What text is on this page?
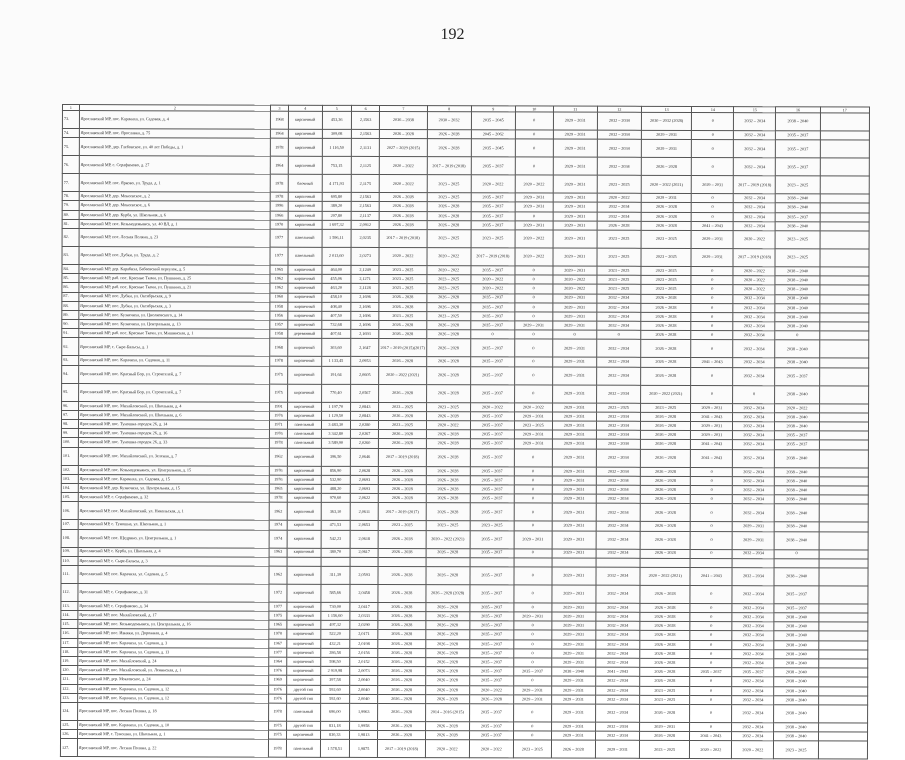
192
1	2	3	4	5	6	7	8	9	10	11	12	13	14	15	16	17
73.	Ярославский МР, пос. Карачиха, ул. Садовая, д. 4	1968	кирпичный	453,36	2,1563	2036 – 2038	2030 – 2032	2035 – 2045	0	2029 – 2031	2032 – 2034	2030 – 2032 (2028)	0	2032 – 2034	2038 – 2040	
74.	Ярославский МР, пос. Ярославка, д. 75	1964	кирпичный	309,08	2,1563	2026 – 2028	2026 – 2028	2045 – 2062	0	2029 – 2031	2032 – 2034	2029 – 2031	0	2032 – 2034	2035 – 2037	
75.	Ярославский МР, дер. Глебовское, ул. 40 лет Победы, д. 1	1978	кирпичный	1 116,50	2,1131	2027 – 2029 (2015)	2026 – 2028	2035 – 2045	0	2029 – 2031	2032 – 2034	2029 – 2031	0	2032 – 2034	2035 – 2037	
76.	Ярославский МР, с. Серафимово, д. 27	1964	кирпичный	753,15	2,1125	2020 – 2022	2017 – 2019 (2018)	2035 – 2037	0	2029 – 2031	2032 – 2034	2026 – 2028	0	2032 – 2034	2035 – 2037	
77.	Ярославский МР, пос. Ярково, ул. Труда, д. 1	1978	блочный	4 171,93	2,1175	2020 – 2022	2023 – 2025	2020 – 2022	2020 – 2022	2029 – 2031	2023 – 2025	2020 – 2022 (2021)	2029 – 2031	2017 – 2019 (2018)	2023 – 2025	
78.	Ярославский МР, дер. Мокеевское, д. 2	1978	кирпичный	695,80	2,1563	2026 – 2028	2023 – 2025	2035 – 2037	2029 – 2031	2029 – 2031	2020 – 2022	2029 – 2031	0	2032 – 2034	2038 – 2040	
79.	Ярославский МР, дер. Мокеевское, д. 6	1996	кирпичный	389,20	2,1563	2026 – 2028	2026 – 2028	2035 – 2037	2029 – 2031	2029 – 2031	2032 – 2034	2026 – 2028	0	2032 – 2034	2038 – 2040	
80.	Ярославский МР, дер. Курба, ул. Школьная, д. 6	1966	кирпичный	207,80	2,1137	2026 – 2028	2026 – 2028	2035 – 2037	0	2029 – 2031	2032 – 2034	2026 – 2028	0	2032 – 2034	2035 – 2037	
81.	Ярославский МР, пос. Козьмодемьянск, ул. 40 ВЛ, д. 1	1970	кирпичный	1 697,32	2,0912	2026 – 2028	2026 – 2028	2035 – 2037	2029 – 2031	2029 – 2031	2026 – 2028	2026 – 2028	2041 – 2043	2032 – 2034	2038 – 2040	
82.	Ярославский МР, пос. Лесная Поляна, д. 23	1977	панельный	1 596,11	2,0235	2017 – 2019 (2018)	2023 – 2025	2023 – 2025	2020 – 2022	2029 – 2031	2023 – 2025	2023 – 2025	2029 – 2031	2020 – 2022	2023 – 2025	
83.	Ярославский МР, пос. Дубки, ул. Труда, д. 2	1977	панельный	2 013,60	2,0273	2020 – 2022	2020 – 2022	2017 – 2019 (2018)	2020 – 2022	2029 – 2031	2023 – 2025	2023 – 2025	2029 – 2031	2017 – 2019 (2018)	2023 – 2025	
84.	Ярославский МР, дер. Карабиха, Бабаевский переулок, д. 5	1965	кирпичный	464,00	2,1249	2023 – 2025	2020 – 2022	2035 – 2037	0	2029 – 2031	2023 – 2025	2023 – 2025	0	2020 – 2022	2038 – 2040	
85.	Ярославский МР, раб. пос. Красные Ткачи, ул. Пушкина, д. 25	1962	кирпичный	455,06	2,1271	2023 – 2025	2023 – 2025	2020 – 2022	0	2020 – 2022	2023 – 2025	2023 – 2025	0	2020 – 2022	2038 – 2040	
86.	Ярославский МР, раб. пос. Красные Ткачи, ул. Пушкина, д. 21	1962	кирпичный	463,20	2,1128	2023 – 2025	2023 – 2025	2020 – 2022	0	2020 – 2022	2023 – 2025	2023 – 2025	0	2020 – 2022	2038 – 2040	
87.	Ярославский МР, пос. Дубки, ул. Октябрьская, д. 9	1960	кирпичный	458,10	2,1696	2026 – 2028	2026 – 2028	2035 – 2037	0	2029 – 2031	2032 – 2034	2026 – 2028	0	2032 – 2034	2038 – 2040	
88.	Ярославский МР, пос. Дубки, ул. Октябрьская, д. 3	1958	кирпичный	408,40	2,1696	2026 – 2028	2026 – 2028	2035 – 2037	0	2029 – 2031	2032 – 2034	2026 – 2028	0	2032 – 2034	2038 – 2040	
89.	Ярославский МР, пос. Кузнечиха, ул. Циолковского, д. 14	1956	кирпичный	407,50	2,1696	2023 – 2025	2023 – 2025	2035 – 2037	0	2029 – 2031	2032 – 2034	2026 – 2028	0	2032 – 2034	2038 – 2040	
90.	Ярославский МР, пос. Кузнечиха, ул. Центральная, д. 13	1957	кирпичный	732,68	2,1696	2026 – 2028	2026 – 2028	2035 – 2037	2029 – 2031	2029 – 2031	2032 – 2034	2026 – 2028	0	2032 – 2034	2038 – 2040	
91.	Ярославский МР, раб. пос. Красные Ткачи, ул. Мишинская, д. 1	1958	деревянный	407,61	2,1693	2026 – 2028	2026 – 2028	0	0	0	0	2026 – 2028	0	2032 – 2034	0	
92.	Ярославский МР, с. Сыре-Бяльсы, д. 1	1968	кирпичный	303,60	2,1647	2017 – 2019 (2015)(2017)	2026 – 2028	2035 – 2037	0	2029 – 2031	2032 – 2034	2026 – 2028	0	2032 – 2034	2038 – 2040	
93.	Ярославский МР, пос. Карачиха, ул. Садовая, д. 11	1978	кирпичный	1 133,45	2,0953	2026 – 2028	2026 – 2028	2035 – 2037	0	2029 – 2031	2032 – 2034	2026 – 2028	2041 – 2043	2032 – 2034	2038 – 2040	
94.	Ярославский МР, пос. Красный Бор, ул. Строителей, д. 7	1975	кирпичный	191,64	2,0605	2020 – 2022 (2021)	2026 – 2028	2035 – 2037	0	2029 – 2031	2032 – 2034	2026 – 2028	0	2032 – 2034	2035 – 2037	
95.	Ярославский МР, пос. Красный Бор, ул. Строителей, д. 7	1975	кирпичный	770,40	2,0567	2026 – 2028	2026 – 2028	2035 – 2037	0	2029 – 2031	2032 – 2034	2020 – 2022 (2021)	0	0	2038 – 2040	
96.	Ярославский МР, пос. Михайловский, ул. Школьная, д. 4	1991	кирпичный	1 197,70	2,0843	2023 – 2025	2023 – 2025	2020 – 2022	2020 – 2022	2029 – 2031	2023 – 2025	2023 – 2025	2029 – 2031	2032 – 2034	2020 – 2022	
97.	Ярославский МР, пос. Михайловский, ул. Школьная, д. 6	1976	кирпичный	1 129,50	2,0843	2026 – 2028	2026 – 2028	2035 – 2037	2029 – 2031	2029 – 2031	2032 – 2034	2026 – 2028	2041 – 2043	2032 – 2034	2038 – 2040	
98.	Ярославский МР, пос. Туношна-городок 26, д. 14	1971	панельный	3 483,30	2,0280	2023 – 2025	2020 – 2022	2035 – 2037	2023 – 2025	2029 – 2031	2032 – 2034	2026 – 2028	2029 – 2031	2032 – 2034	2038 – 2040	
99.	Ярославский МР, пос. Туношна-городок 26, д. 16	1976	панельный	3 342,80	2,0267	2026 – 2028	2026 – 2028	2035 – 2037	2029 – 2031	2029 – 2031	2032 – 2034	2026 – 2028	2029 – 2031	2032 – 2034	2035 – 2037	
100.	Ярославский МР, пос. Туношна-городок 26, д. 33	1978	панельный	3 589,90	2,0260	2026 – 2028	2026 – 2028	2035 – 2037	2029 – 2031	2029 – 2031	2032 – 2034	2026 – 2028	2041 – 2043	2032 – 2034	2035 – 2037	
101.	Ярославский МР, пос. Михайловский, ул. Зеленая, д. 7	1962	кирпичный	396,50	2,0646	2017 – 2019 (2018)	2026 – 2028	2035 – 2037	0	2029 – 2031	2032 – 2034	2026 – 2028	2041 – 2043	2032 – 2034	2038 – 2040	
102.	Ярославский МР, пос. Козьмодемьянск, ул. Центральная, д. 15	1976	кирпичный	856,90	2,0628	2026 – 2028	2026 – 2028	2035 – 2037	0	2029 – 2031	2032 – 2034	2026 – 2028	0	2032 – 2034	2038 – 2040	
103.	Ярославский МР, пос. Карачиха, ул. Садовая, д. 15	1976	кирпичный	532,90	2,0693	2026 – 2028	2026 – 2028	2035 – 2037	0	2029 – 2031	2032 – 2034	2026 – 2028	0	2032 – 2034	2038 – 2040	
104.	Ярославский МР, дер. Кузнечиха, ул. Центральная, д. 15	1965	кирпичный	488,20	2,0693	2026 – 2028	2026 – 2028	2035 – 2037	0	2029 – 2031	2032 – 2034	2026 – 2028	0	2032 – 2034	2038 – 2040	
105.	Ярославский МР, с. Серафимово, д. 32	1978	кирпичный	970,60	2,0622	2026 – 2028	2026 – 2028	2035 – 2037	0	2029 – 2031	2032 – 2034	2026 – 2028	0	2032 – 2034	2038 – 2040	
106.	Ярославский МР, пос. Михайловский, ул. Никольская, д. 1	1962	кирпичный	363,10	2,0611	2017 – 2019 (2017)	2026 – 2028	2035 – 2037	0	2029 – 2031	2032 – 2034	2026 – 2028	0	2032 – 2034	2038 – 2040	
107.	Ярославский МР, с. Туношна, ул. Школьная, д. 1	1974	кирпичный	471,53	2,0653	2023 – 2025	2023 – 2025	2023 – 2025	0	2029 – 2031	2032 – 2034	2026 – 2028	0	2029 – 2031	2038 – 2040	
108.	Ярославский МР, пос. Щедрино, ул. Центральная, д. 1	1974	кирпичный	542,23	2,0618	2026 – 2028	2020 – 2022 (2021)	2035 – 2037	2029 – 2031	2029 – 2031	2032 – 2034	2026 – 2028	0	2029 – 2031	2038 – 2040	
109.	Ярославский МР, с. Курба, ул. Школьная, д. 4	1963	кирпичный	380,70	2,0617	2026 – 2028	2026 – 2028	2035 – 2037	0	2029 – 2031	2032 – 2034	2026 – 2028	0	2032 – 2034	0	
110.	Ярославский МР, с. Сыре-Бяльсы, д. 3															
111.	Ярославский МР, пос. Карачиха, ул. Садовая, д. 5	1962	кирпичный	311,39	2,0593	2026 – 2028	2026 – 2028	2035 – 2037	0	2029 – 2031	2032 – 2034	2020 – 2022 (2021)	2041 – 2043	2032 – 2034	2038 – 2040	
112.	Ярославский МР, с. Серафимово, д. 31	1972	кирпичный	585,66	2,0458	2026 – 2028	2026 – 2028 (2028)	2035 – 2037	0	2029 – 2031	2032 – 2034	2026 – 2028	0	2032 – 2034	2035 – 2037	
113.	Ярославский МР, с. Серафимово, д. 34	1977	кирпичный	730,00	2,0417	2026 – 2028	2026 – 2028	2035 – 2037	0	2029 – 2031	2032 – 2034	2026 – 2028	0	2032 – 2034	2035 – 2037	
114.	Ярославский МР, пос. Михайловский, д. 17	1975	кирпичный	1 156,60	2,0333	2026 – 2028	2026 – 2028	2035 – 2037	2029 – 2031	2029 – 2031	2032 – 2034	2026 – 2028	0	2032 – 2034	2038 – 2040	
115.	Ярославский МР, пос. Козьмодемьянск, ул. Центральная, д. 16	1965	кирпичный	497,32	2,0290	2026 – 2028	2026 – 2028	2035 – 2037	0	2029 – 2031	2032 – 2034	2026 – 2028	0	2032 – 2034	2038 – 2040	
116.	Ярославский МР, пос. Ивняки, ул. Дорожная, д. 4	1970	кирпичный	522,20	2,0171	2026 – 2028	2026 – 2028	2035 – 2037	0	2029 – 2031	2032 – 2034	2026 – 2028	0	2032 – 2034	2038 – 2040	
117.	Ярославский МР, пос. Карачиха, ул. Садовая, д. 3	1967	кирпичный	432,21	2,0198	2026 – 2028	2026 – 2028	2035 – 2037	0	2029 – 2031	2032 – 2034	2026 – 2028	0	2032 – 2034	2038 – 2040	
118.	Ярославский МР, пос. Карачиха, ул. Садовая, д. 13	1977	кирпичный	286,58	2,0156	2026 – 2028	2026 – 2028	2035 – 2037	0	2029 – 2031	2032 – 2034	2026 – 2028	0	2032 – 2034	2038 – 2040	
119.	Ярославский МР, пос. Михайловский, д. 24	1964	кирпичный	598,50	2,0152	2026 – 2028	2026 – 2028	2035 – 2037	0	2029 – 2031	2032 – 2034	2026 – 2028	0	2032 – 2034	2038 – 2040	
120.	Ярославский МР, пос. Михайловский, ул. Ленинская, д. 1	1976	кирпичный	2 919,98	2,0073	2026 – 2028	2026 – 2028	2035 – 2037	2035 – 2037	2038 – 2040	2041 – 2043	2026 – 2028	2035 – 2037	2035 – 2037	2038 – 2040	
121.	Ярославский МР, дер. Мокеевское, д. 24	1969	кирпичный	397,58	2,0040	2026 – 2028	2026 – 2028	2035 – 2037	0	2029 – 2031	2032 – 2034	2026 – 2028	0	2032 – 2034	2038 – 2040	
122.	Ярославский МР, пос. Карачиха, ул. Садовая, д. 12	1976	другой тип	592,60	2,0040	2026 – 2028	2026 – 2028	2020 – 2022	2029 – 2031	2029 – 2031	2032 – 2034	2023 – 2025	0	2032 – 2034	2038 – 2040	
123.	Ярославский МР, пос. Карачиха, ул. Садовая, д. 12	1976	другой тип	592,60	2,0040	2026 – 2028	2026 – 2028	2026 – 2028	2029 – 2031	2029 – 2031	2032 – 2034	2023 – 2025	0	2032 – 2034	2038 – 2040	
124.	Ярославский МР, пос. Лесная Поляна, д. 18	1978	панельный	696,00	1,9963	2026 – 2028	2014 – 2016 (2015)	2035 – 2037	0	2029 – 2031	2032 – 2034	2026 – 2028	0	2032 – 2034	2038 – 2040	
125.	Ярославский МР, пос. Карачиха, ул. Садовая, д. 10	1975	другой тип	831,18	1,9958	2026 – 2028	2026 – 2028	2035 – 2037	0	2029 – 2031	2032 – 2034	2029 – 2031	0	2032 – 2034	2038 – 2040	
126.	Ярославский МР, с. Туношна, ул. Школьная, д. 1	1975	кирпичный	830,33	1,9813	2026 – 2028	2026 – 2028	2035 – 2037	0	2029 – 2031	2032 – 2034	2026 – 2028	2041 – 2043	2032 – 2034	2038 – 2040	
127.	Ярославский МР, пос. Лесная Поляна, д. 22	1978	панельный	1 578,51	1,9875	2017 – 2019 (2018)	2020 – 2022	2020 – 2022	2023 – 2025	2026 – 2028	2029 – 2031	2023 – 2025	2020 – 2022	2020 – 2022	2023 – 2025	
